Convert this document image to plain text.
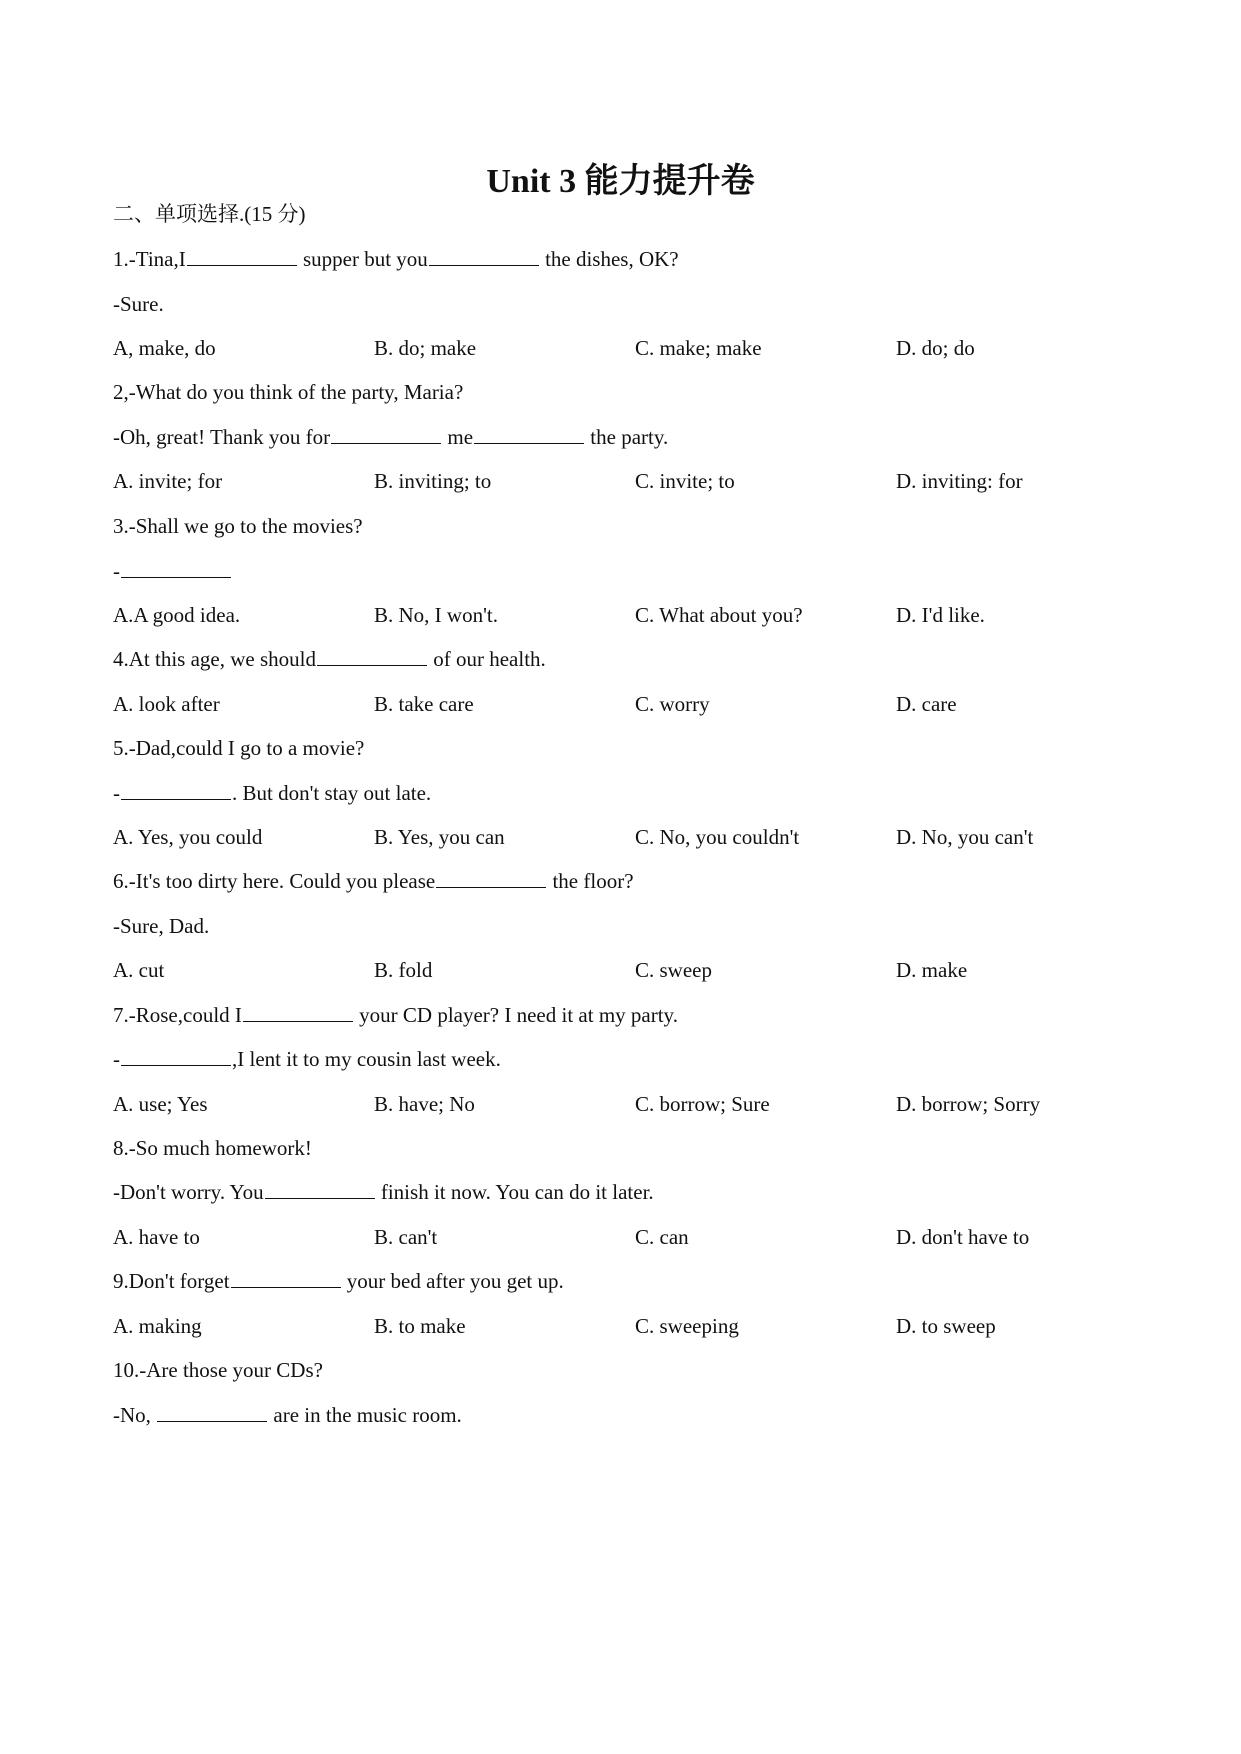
Unit 3 能力提升卷
二、单项选择.(15 分)
1.-Tina,I	supper but you	the dishes, OK?
-Sure.
A, make, do	B. do; make	C. make; make	D. do; do
2,-What do you think of the party, Maria?
-Oh, great! Thank you for	me	the party.
A. invite; for	B. inviting; to	C. invite; to	D. inviting: for
3.-Shall we go to the movies?
-
A.A good idea.	B. No, I won't.	C. What about you?	D. I'd like.
4.At this age, we should	of our health.
A. look after	B. take care	C. worry	D. care
5.-Dad,could I go to a movie?
-	. But don't stay out late.
A. Yes, you could	B. Yes, you can	C. No, you couldn't	D. No, you can't
6.-It's too dirty here. Could you please	the floor?
-Sure, Dad.
A. cut	B. fold	C. sweep	D. make
7.-Rose,could I	your CD player? I need it at my party.
-	,I lent it to my cousin last week.
A. use; Yes	B. have; No	C. borrow; Sure	D. borrow; Sorry
8.-So much homework!
-Don't worry. You	finish it now. You can do it later.
A. have to	B. can't	C. can	D. don't have to
9.Don't forget	your bed after you get up.
A. making	B. to make	C. sweeping	D. to sweep
10.-Are those your CDs?
-No,	are in the music room.
